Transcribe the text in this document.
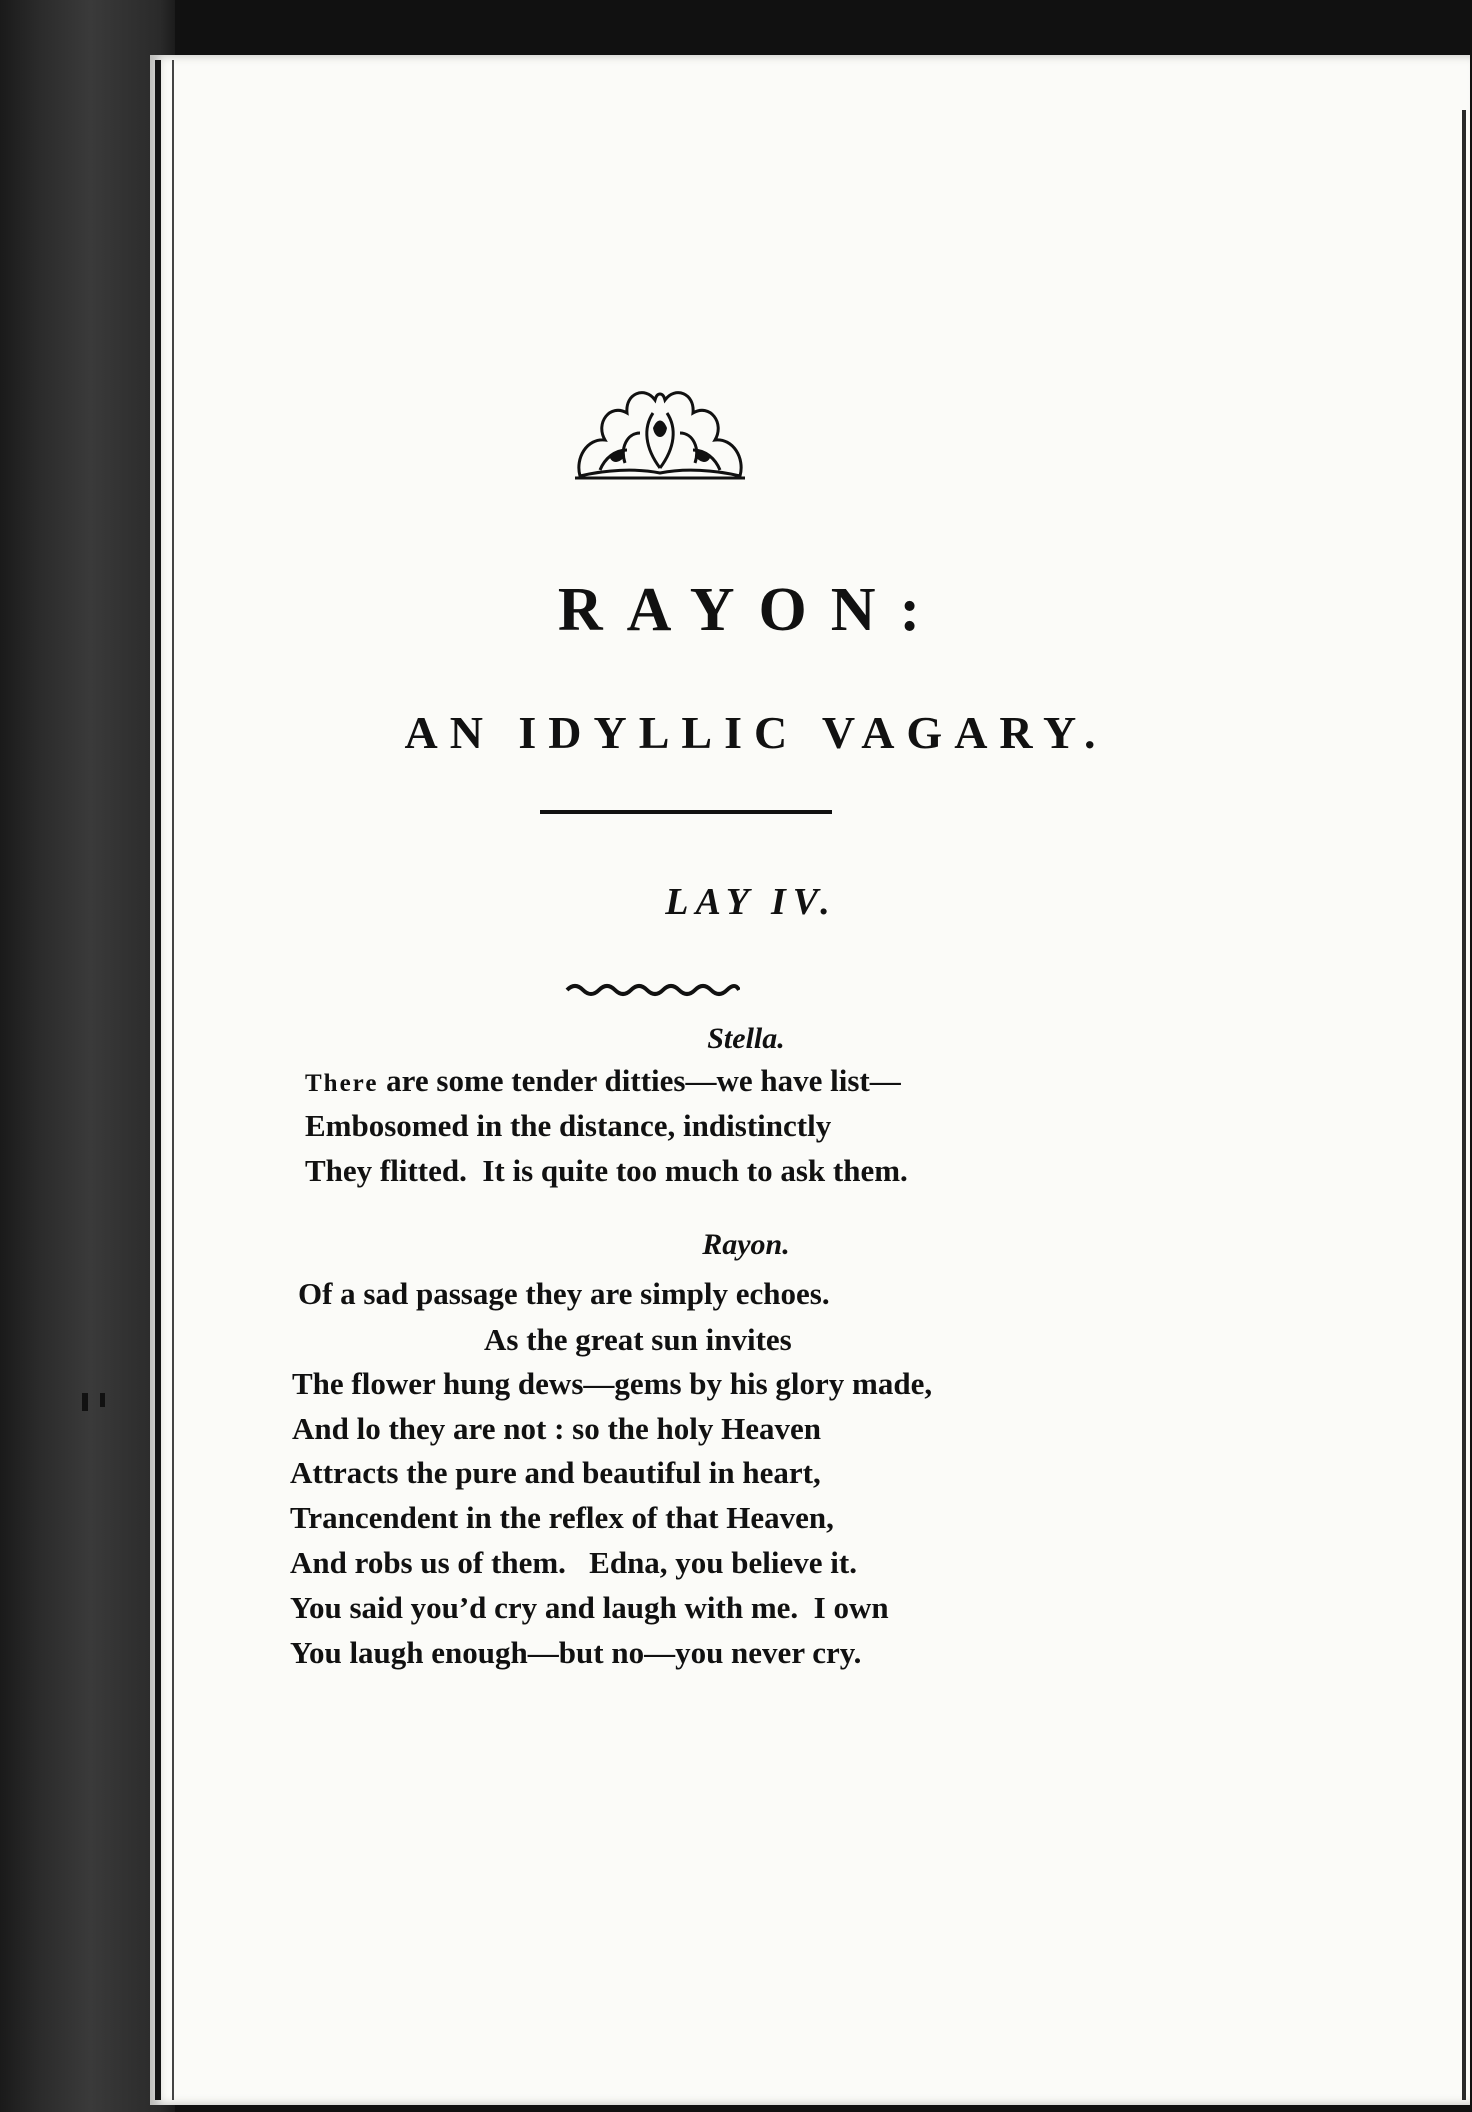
RAYON:
AN IDYLLIC VAGARY.
LAY IV.
Stella.
There are some tender ditties—we have list—
Embosomed in the distance, indistinctly
They flitted.  It is quite too much to ask them.
Rayon.
Of a sad passage they are simply echoes.
As the great sun invites
The flower hung dews—gems by his glory made,
And lo they are not : so the holy Heaven
Attracts the pure and beautiful in heart,
Trancendent in the reflex of that Heaven,
And robs us of them.   Edna, you believe it.
You said you’d cry and laugh with me.  I own
You laugh enough—but no—you never cry.
